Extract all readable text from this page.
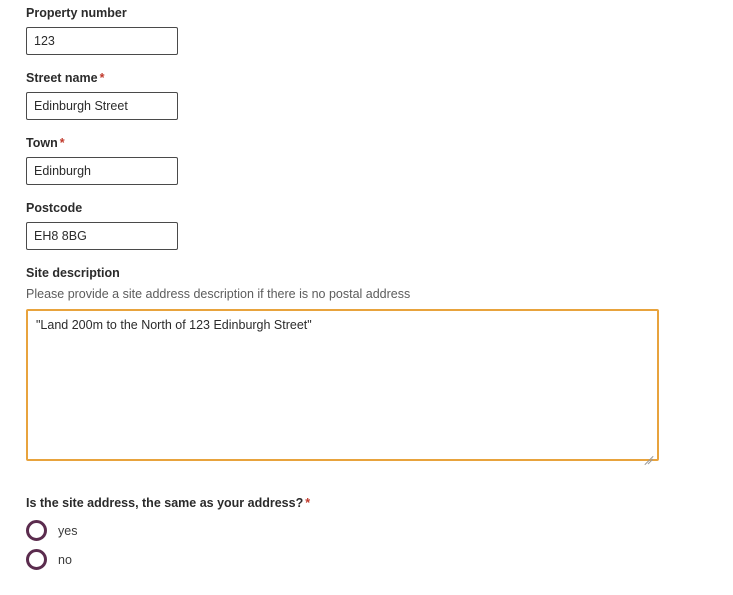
Property number
123
Street name *
Edinburgh Street
Town *
Edinburgh
Postcode
EH8 8BG
Site description
Please provide a site address description if there is no postal address
"Land 200m to the North of 123 Edinburgh Street"
Is the site address, the same as your address? *
yes
no
